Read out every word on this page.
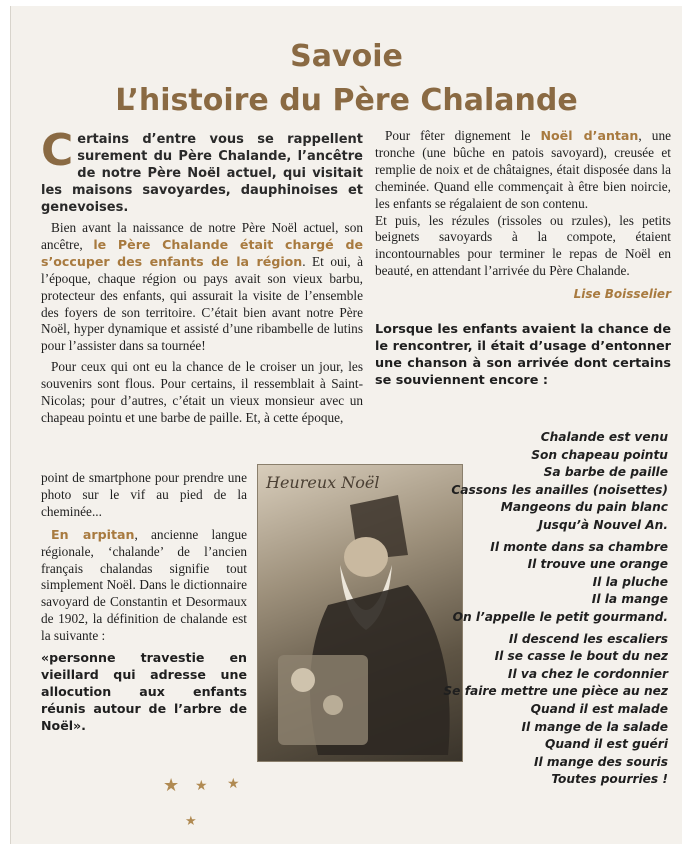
Savoie
L’histoire du Père Chalande

Certains d’entre vous se rappellent surement du Père Chalande, l’ancêtre de notre Père Noël actuel, qui visitait les maisons savoyardes, dauphinoises et genevoises.

Bien avant la naissance de notre Père Noël actuel, son ancêtre, le Père Chalande était chargé de s’occuper des enfants de la région. Et oui, à l’époque, chaque région ou pays avait son vieux barbu, protecteur des enfants, qui assurait la visite de l’ensemble des foyers de son territoire. C’était bien avant notre Père Noël, hyper dynamique et assisté d’une ribambelle de lutins pour l’assister dans sa tournée!

Pour ceux qui ont eu la chance de le croiser un jour, les souvenirs sont flous. Pour certains, il ressemblait à Saint-Nicolas; pour d’autres, c’était un vieux monsieur avec un chapeau pointu et une barbe de paille. Et, à cette époque,

point de smartphone pour prendre une photo sur le vif au pied de la cheminée...

En arpitan, ancienne langue régionale, ‘chalande’ de l’ancien français chalandas signifie tout simplement Noël. Dans le dictionnaire savoyard de Constantin et Desormaux de 1902, la définition de chalande est la suivante :

«personne travestie en vieillard qui adresse une allocution aux enfants réunis autour de l’arbre de Noël».

Heureux Noël

Pour fêter dignement le Noël d’antan, une tronche (une bûche en patois savoyard), creusée et remplie de noix et de châtaignes, était disposée dans la cheminée. Quand elle commençait à être bien noircie, les enfants se régalaient de son contenu.

Et puis, les rézules (rissoles ou rzules), les petits beignets savoyards à la compote, étaient incontournables pour terminer le repas de Noël en beauté, en attendant l’arrivée du Père Chalande.

Lise Boisselier

Lorsque les enfants avaient la chance de le rencontrer, il était d’usage d’entonner une chanson à son arrivée dont certains se souviennent encore :

Chalande est venu
Son chapeau pointu
Sa barbe de paille
Cassons les anailles (noisettes)
Mangeons du pain blanc
Jusqu’à Nouvel An.
Il monte dans sa chambre
Il trouve une orange
Il la pluche
Il la mange
On l’appelle le petit gourmand.
Il descend les escaliers
Il se casse le bout du nez
Il va chez le cordonnier
Se faire mettre une pièce au nez
Quand il est malade
Il mange de la salade
Quand il est guéri
Il mange des souris
Toutes pourries !
★ ★ ★
★
